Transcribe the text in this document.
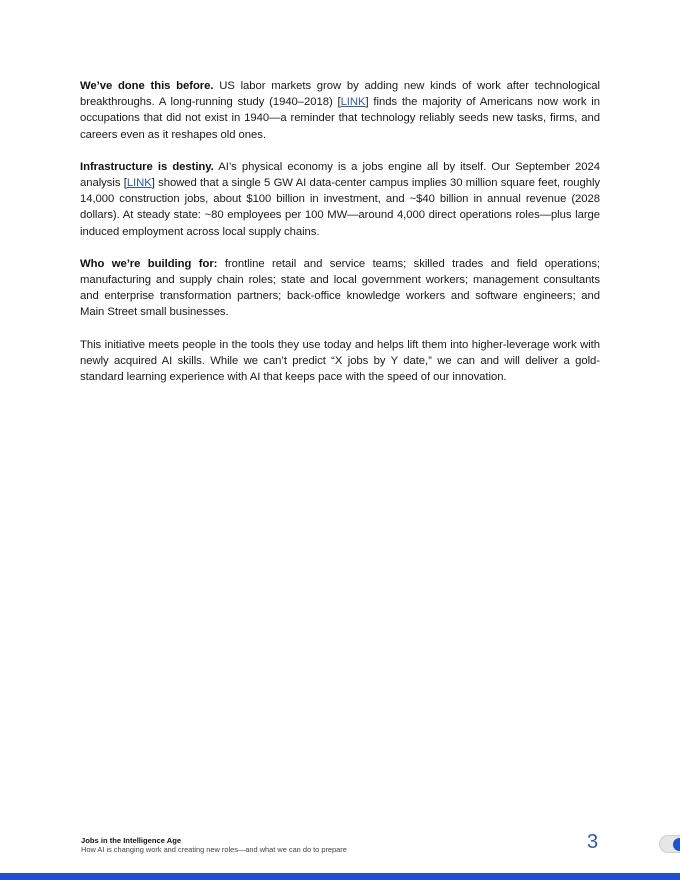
We’ve done this before. US labor markets grow by adding new kinds of work after technological breakthroughs. A long-running study (1940–2018) [LINK] finds the majority of Americans now work in occupations that did not exist in 1940—a reminder that technology reliably seeds new tasks, firms, and careers even as it reshapes old ones.

Infrastructure is destiny. AI’s physical economy is a jobs engine all by itself. Our September 2024 analysis [LINK] showed that a single 5 GW AI data-center campus implies 30 million square feet, roughly 14,000 construction jobs, about $100 billion in investment, and ~$40 billion in annual revenue (2028 dollars). At steady state: ~80 employees per 100 MW—around 4,000 direct operations roles—plus large induced employment across local supply chains.

Who we’re building for: frontline retail and service teams; skilled trades and field operations; manufacturing and supply chain roles; state and local government workers; management consultants and enterprise transformation partners; back-office knowledge workers and software engineers; and Main Street small businesses.

This initiative meets people in the tools they use today and helps lift them into higher-leverage work with newly acquired AI skills. While we can’t predict “X jobs by Y date,” we can and will deliver a gold-standard learning experience with AI that keeps pace with the speed of our innovation.

Jobs in the Intelligence Age
How AI is changing work and creating new roles—and what we can do to prepare	3
